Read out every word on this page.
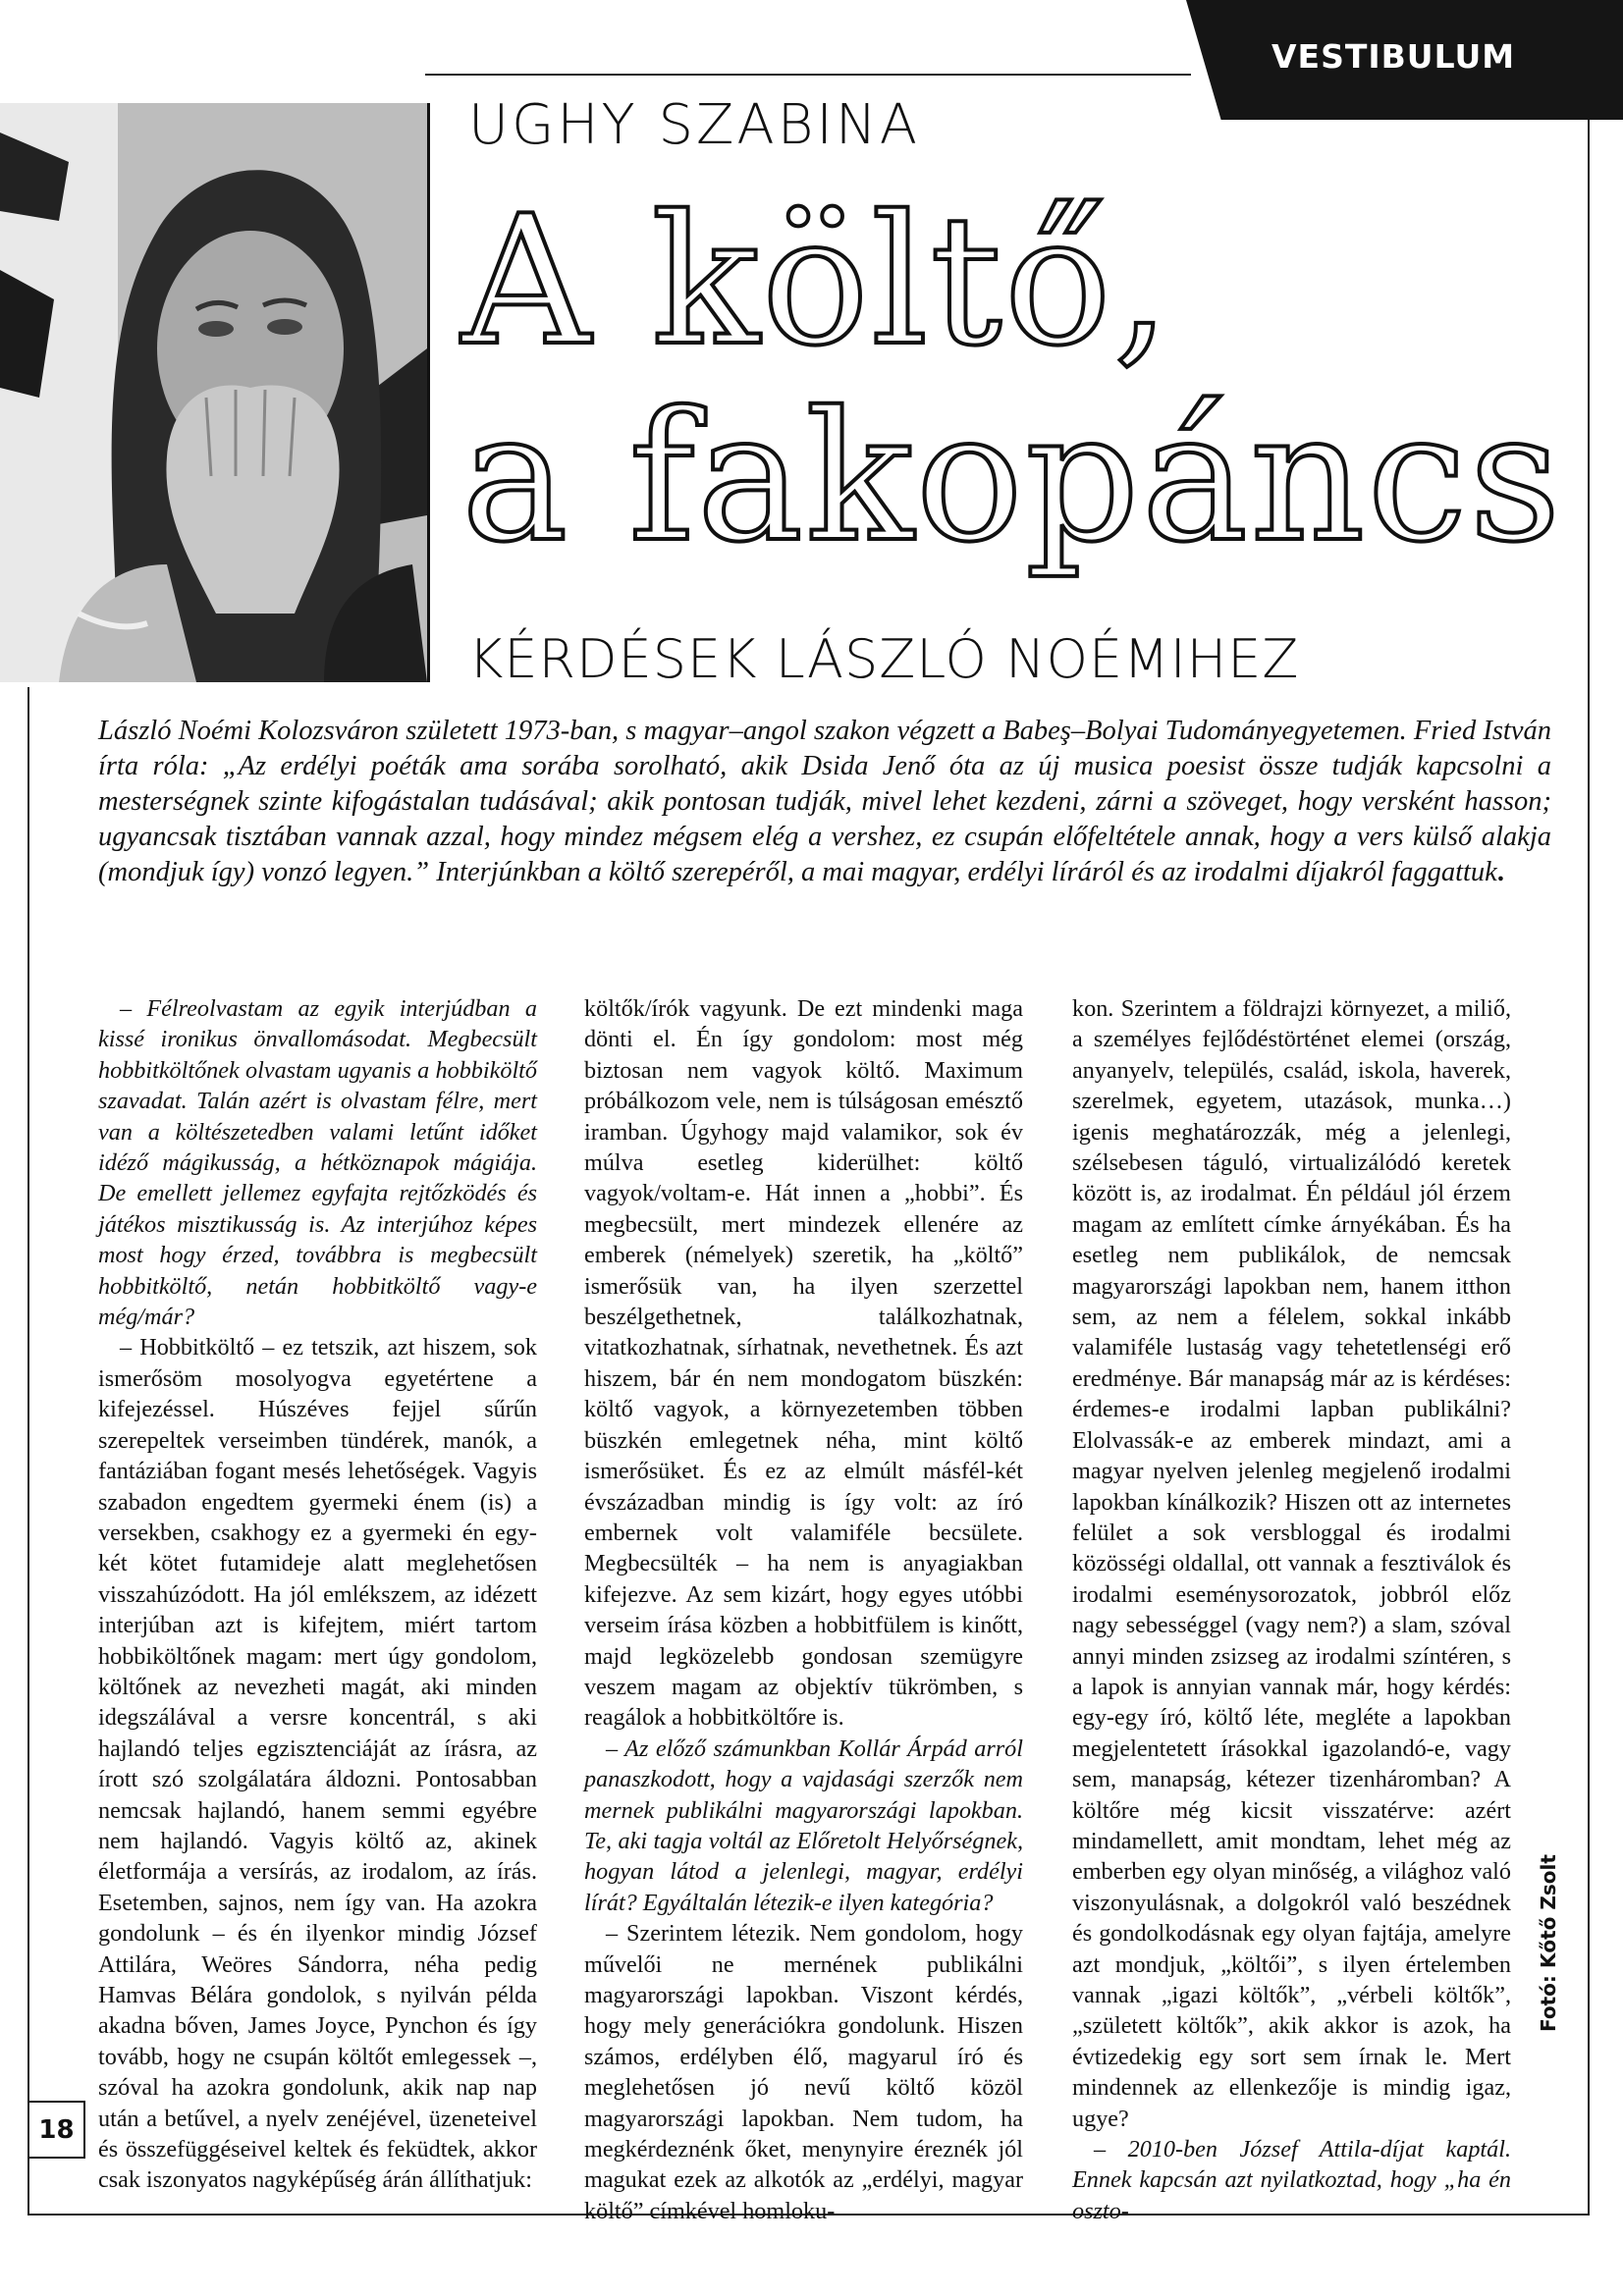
VESTIBULUM
UGHY SZABINA
A költő,
a fakopáncs
KÉRDÉSEK LÁSZLÓ NOÉMIHEZ
László Noémi Kolozsváron született 1973-ban, s magyar–angol szakon végzett a Babeş–Bolyai Tudományegyetemen. Fried István írta róla: „Az erdélyi poéták ama sorába sorolható, akik Dsida Jenő óta az új musica poesist össze tudják kapcsolni a mesterségnek szinte kifogástalan tudásával; akik pontosan tudják, mivel lehet kezdeni, zárni a szöveget, hogy versként hasson; ugyancsak tisztában vannak azzal, hogy mindez mégsem elég a vershez, ez csupán előfeltétele annak, hogy a vers külső alakja (mondjuk így) vonzó legyen.” Interjúnkban a költő szerepéről, a mai magyar, erdélyi líráról és az irodalmi díjakról faggattuk.

– Félreolvastam az egyik interjúdban a kissé ironikus önvallomásodat. Megbecsült hobbitköltőnek olvastam ugyanis a hobbiköltő szavadat. Talán azért is olvastam félre, mert van a költészetedben valami letűnt időket idéző mágikusság, a hétköznapok mágiája. De emellett jellemez egyfajta rejtőzködés és játékos misztikusság is. Az interjúhoz képes most hogy érzed, továbbra is megbecsült hobbitköltő, netán hobbitköltő vagy-e még/már?

– Hobbitköltő – ez tetszik, azt hiszem, sok ismerősöm mosolyogva egyetértene a kifejezéssel. Húszéves fejjel sűrűn szerepeltek verseimben tündérek, manók, a fantáziában fogant mesés lehetőségek. Vagyis szabadon engedtem gyermeki énem (is) a versekben, csakhogy ez a gyermeki én egy-két kötet futamideje alatt meglehetősen visszahúzódott. Ha jól emlékszem, az idézett interjúban azt is kifejtem, miért tartom hobbiköltőnek magam: mert úgy gondolom, költőnek az nevezheti magát, aki minden idegszálával a versre koncentrál, s aki hajlandó teljes egzisztenciáját az írásra, az írott szó szolgálatára áldozni. Pontosabban nemcsak hajlandó, hanem semmi egyébre nem hajlandó. Vagyis költő az, akinek életformája a versírás, az irodalom, az írás. Esetemben, sajnos, nem így van. Ha azokra gondolunk – és én ilyenkor mindig József Attilára, Weöres Sándorra, néha pedig Hamvas Bélára gondolok, s nyilván példa akadna bőven, James Joyce, Pynchon és így tovább, hogy ne csupán költőt emlegessek –, szóval ha azokra gondolunk, akik nap nap után a betűvel, a nyelv zenéjével, üzeneteivel és összefüggéseivel keltek és feküdtek, akkor csak iszonyatos nagyképűség árán állíthatjuk:

költők/írók vagyunk. De ezt mindenki maga dönti el. Én így gondolom: most még biztosan nem vagyok költő. Maximum próbálkozom vele, nem is túlságosan emésztő iramban. Úgyhogy majd valamikor, sok év múlva esetleg kiderülhet: költő vagyok/voltam-e. Hát innen a „hobbi”. És megbecsült, mert mindezek ellenére az emberek (némelyek) szeretik, ha „költő” ismerősük van, ha ilyen szerzettel beszélgethetnek, találkozhatnak, vitatkozhatnak, sírhatnak, nevethetnek. És azt hiszem, bár én nem mondogatom büszkén: költő vagyok, a környezetemben többen büszkén emlegetnek néha, mint költő ismerősüket. És ez az elmúlt másfél-két évszázadban mindig is így volt: az író embernek volt valamiféle becsülete. Megbecsülték – ha nem is anyagiakban kifejezve. Az sem kizárt, hogy egyes utóbbi verseim írása közben a hobbitfülem is kinőtt, majd legközelebb gondosan szemügyre veszem magam az objektív tükrömben, s reagálok a hobbitköltőre is.

– Az előző számunkban Kollár Árpád arról panaszkodott, hogy a vajdasági szerzők nem mernek publikálni magyarországi lapokban. Te, aki tagja voltál az Előretolt Helyőrségnek, hogyan látod a jelenlegi, magyar, erdélyi lírát? Egyáltalán létezik-e ilyen kategória?

– Szerintem létezik. Nem gondolom, hogy művelői ne mernének publikálni magyarországi lapokban. Viszont kérdés, hogy mely generációkra gondolunk. Hiszen számos, erdélyben élő, magyarul író és meglehetősen jó nevű költő közöl magyarországi lapokban. Nem tudom, ha megkérdeznénk őket, menynyire éreznék jól magukat ezek az alkotók az „erdélyi, magyar költő” címkével homloku-

kon. Szerintem a földrajzi környezet, a miliő, a személyes fejlődéstörténet elemei (ország, anyanyelv, település, család, iskola, haverek, szerelmek, egyetem, utazások, munka…) igenis meghatározzák, még a jelenlegi, szélsebesen táguló, virtualizálódó keretek között is, az irodalmat. Én például jól érzem magam az említett címke árnyékában. És ha esetleg nem publikálok, de nemcsak magyarországi lapokban nem, hanem itthon sem, az nem a félelem, sokkal inkább valamiféle lustaság vagy tehetetlenségi erő eredménye. Bár manapság már az is kérdéses: érdemes-e irodalmi lapban publikálni? Elolvassák-e az emberek mindazt, ami a magyar nyelven jelenleg megjelenő irodalmi lapokban kínálkozik? Hiszen ott az internetes felület a sok versbloggal és irodalmi közösségi oldallal, ott vannak a fesztiválok és irodalmi eseménysorozatok, jobbról előz nagy sebességgel (vagy nem?) a slam, szóval annyi minden zsizseg az irodalmi színtéren, s a lapok is annyian vannak már, hogy kérdés: egy-egy író, költő léte, megléte a lapokban megjelentetett írásokkal igazolandó-e, vagy sem, manapság, kétezer tizenháromban? A költőre még kicsit visszatérve: azért mindamellett, amit mondtam, lehet még az emberben egy olyan minőség, a világhoz való viszonyulásnak, a dolgokról való beszédnek és gondolkodásnak egy olyan fajtája, amelyre azt mondjuk, „költői”, s ilyen értelemben vannak „igazi költők”, „vérbeli költők”, „született költők”, akik akkor is azok, ha évtizedekig egy sort sem írnak le. Mert mindennek az ellenkezője is mindig igaz, ugye?

– 2010-ben József Attila-díjat kaptál. Ennek kapcsán azt nyilatkoztad, hogy „ha én oszto-

18
Fotó: Kőtő Zsolt
